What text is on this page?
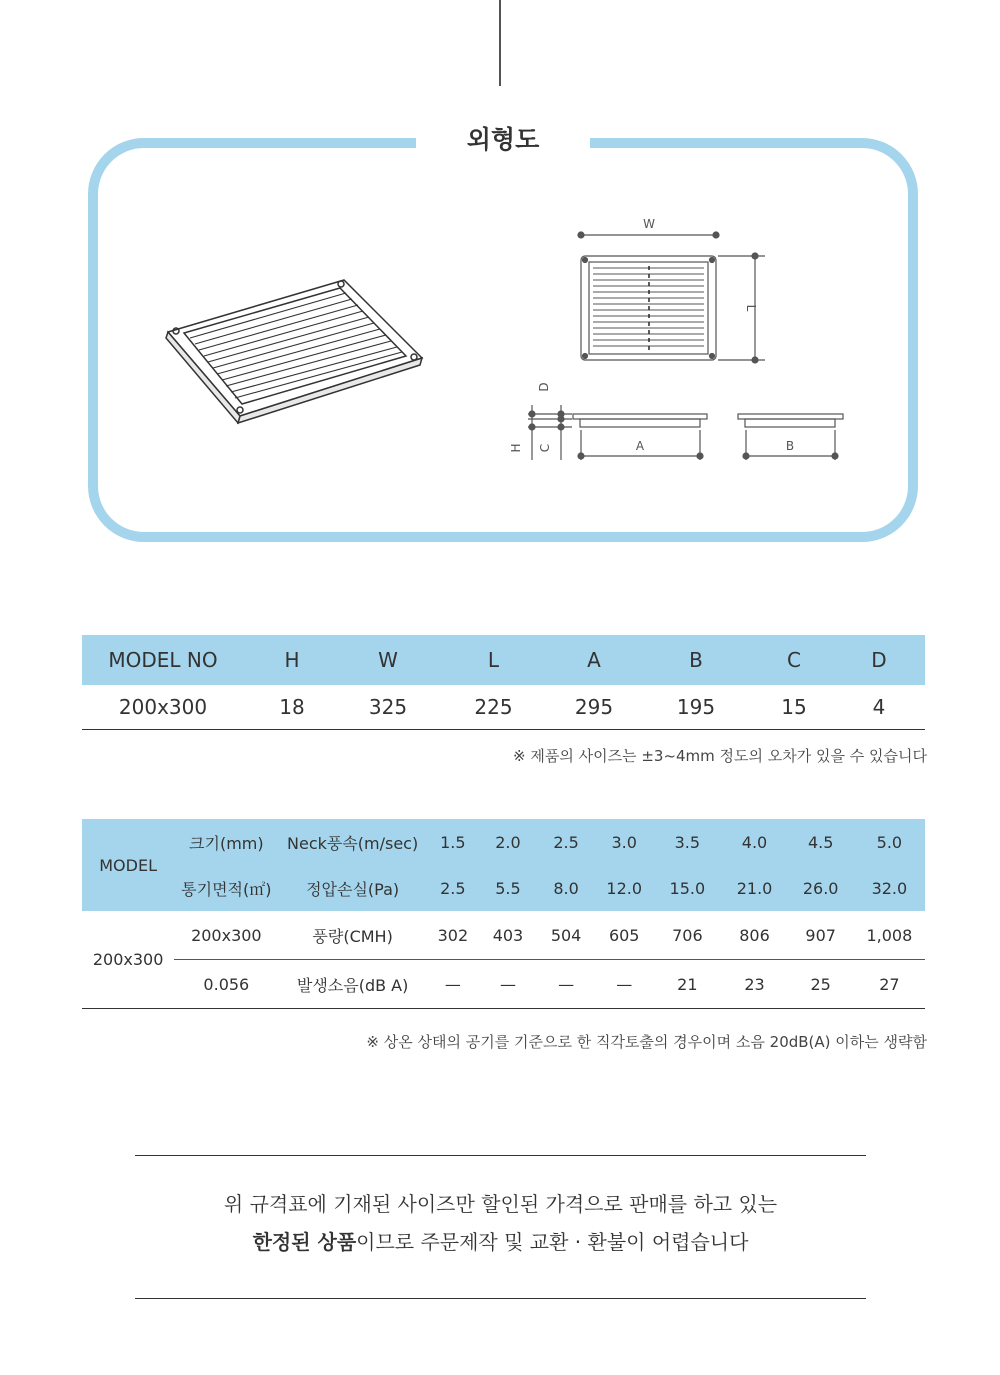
외형도
W
L
D
H C	A	B
MODEL NO	H	W	L	A	B	C	D
200x300	18	325	225	295	195	15	4
※ 제품의 사이즈는 ±3~4mm 정도의 오차가 있을 수 있습니다
MODEL	크기(mm)	Neck풍속(m/sec)	1.5	2.0	2.5	3.0	3.5	4.0	4.5	5.0
	통기면적(㎡)	정압손실(Pa)	2.5	5.5	8.0	12.0	15.0	21.0	26.0	32.0
200x300	200x300	풍량(CMH)	302	403	504	605	706	806	907	1,008
	0.056	발생소음(dB A)	—	—	—	—	21	23	25	27
※ 상온 상태의 공기를 기준으로 한 직각토출의 경우이며 소음 20dB(A) 이하는 생략함
위 규격표에 기재된 사이즈만 할인된 가격으로 판매를 하고 있는
한정된 상품이므로 주문제작 및 교환 · 환불이 어렵습니다
